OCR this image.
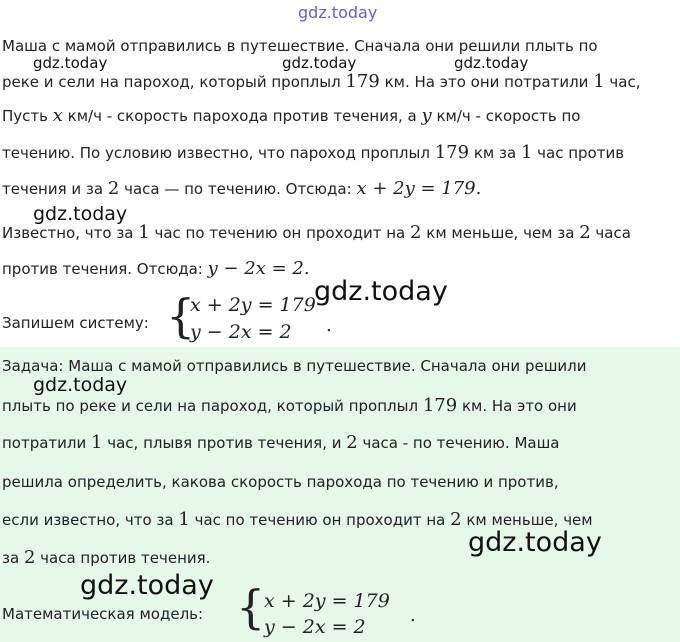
gdz.today
gdz.today	gdz.today	gdz.today
gdz.today
gdz.today
gdz.today
gdz.today
gdz.today
Маша с мамой отправились в путешествие. Сначала они решили плыть по
реке и сели на пароход, который проплыл 179 км. На это они потратили 1 час,
Пусть x км/ч - скорость парохода против течения, а y км/ч - скорость по
течению. По условию известно, что пароход проплыл 179 км за 1 час против
течения и за 2 часа — по течению. Отсюда: x + 2y = 179.
Известно, что за 1 час по течению он проходит на 2 км меньше, чем за 2 часа
против течения. Отсюда: y − 2x = 2.
Запишем систему: {
x + 2y = 179
y − 2x = 2 .
Задача: Маша с мамой отправились в путешествие. Сначала они решили
плыть по реке и сели на пароход, который проплыл 179 км. На это они
потратили 1 час, плывя против течения, и 2 часа - по течению. Маша
решила определить, какова скорость парохода по течению и против,
если известно, что за 1 час по течению он проходит на 2 км меньше, чем
за 2 часа против течения.
Математическая модель: {
x + 2y = 179
y − 2x = 2
.
